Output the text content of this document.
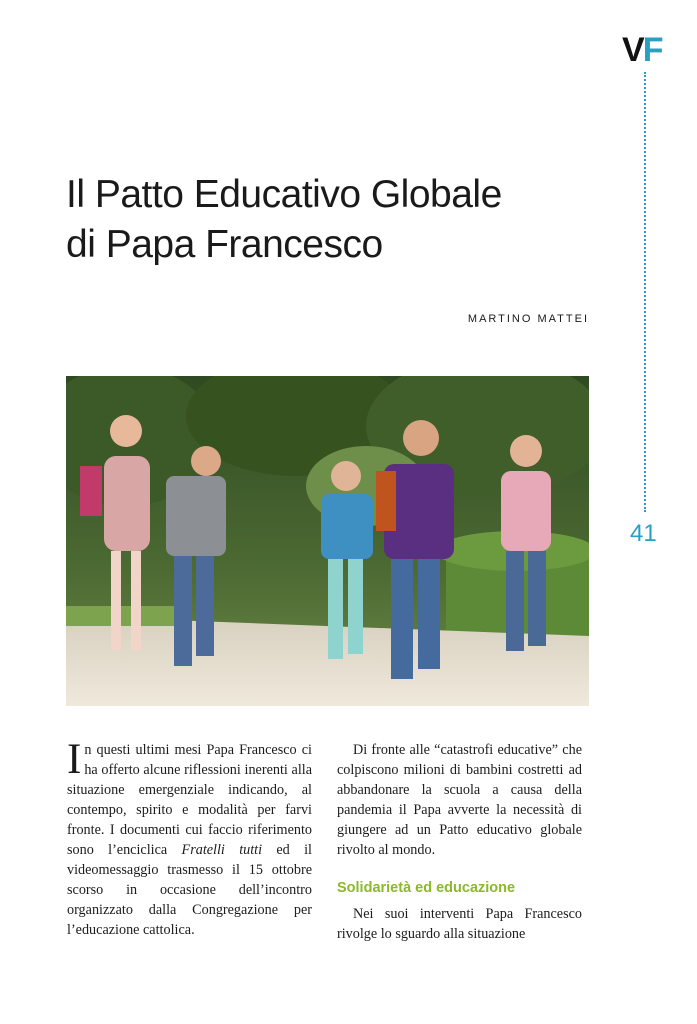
VF
41
Il Patto Educativo Globale
di Papa Francesco
MARTINO MATTEI

In questi ultimi mesi Papa Francesco ci ha offerto alcune riflessioni inerenti alla situazione emergenziale indicando, al contempo, spirito e modalità per farvi fronte. I documenti cui faccio riferimento sono l’enciclica Fratelli tutti ed il videomessaggio trasmesso il 15 ottobre scorso in occasione dell’incontro organizzato dalla Congregazione per l’educazione cattolica.

Di fronte alle “catastrofi educative” che colpiscono milioni di bambini costretti ad abbandonare la scuola a causa della pandemia il Papa avverte la necessità di giungere ad un Patto educativo globale rivolto al mondo.

Solidarietà ed educazione

Nei suoi interventi Papa Francesco rivolge lo sguardo alla situazione
